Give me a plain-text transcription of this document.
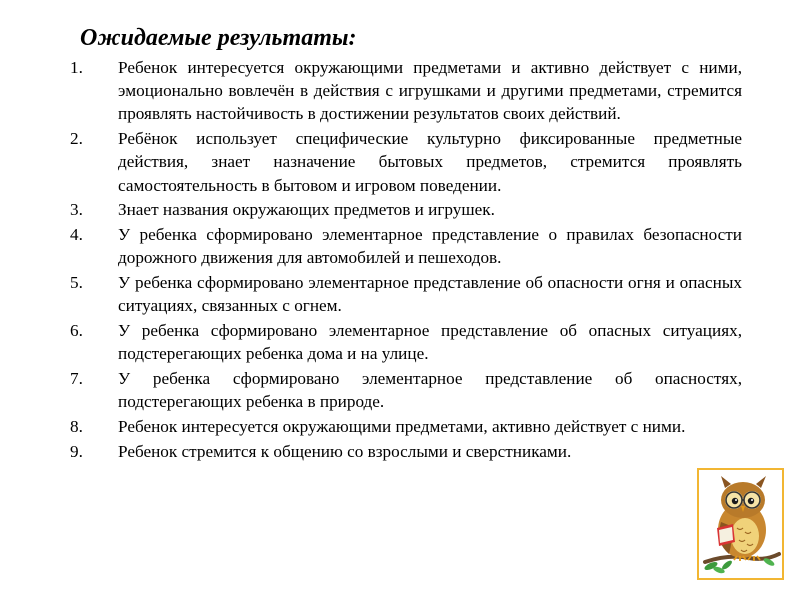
Ожидаемые результаты:
1.	Ребенок интересуется окружающими предметами и активно действует с ними, эмоционально вовлечён в действия с игрушками и другими предметами, стремится проявлять настойчивость в достижении результатов своих действий.
2.	Ребёнок использует специфические культурно фиксированные предметные действия, знает назначение бытовых предметов, стремится проявлять самостоятельность в бытовом и игровом поведении.
3.	Знает названия окружающих предметов и игрушек.
4.	У ребенка сформировано элементарное представление о правилах безопасности дорожного движения для автомобилей и пешеходов.
5.	У ребенка сформировано элементарное представление об опасности огня и опасных ситуациях, связанных с огнем.
6.	У ребенка сформировано элементарное представление об опасных ситуациях, подстерегающих ребенка дома и на улице.
7.	У ребенка сформировано элементарное представление об опасностях, подстерегающих ребенка в природе.
8.	Ребенок интересуется окружающими предметами, активно действует с ними.
9.	Ребенок стремится к общению со взрослыми и сверстниками.
